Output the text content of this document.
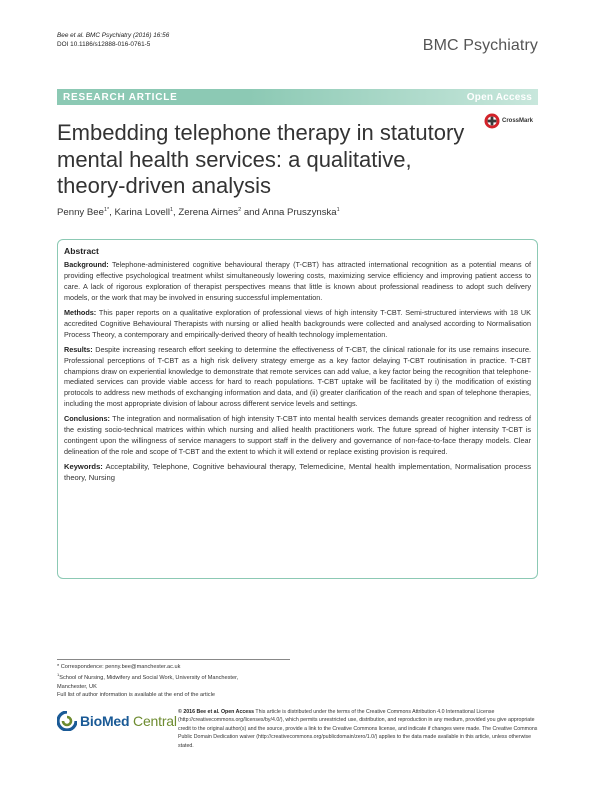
Bee et al. BMC Psychiatry (2016) 16:56
DOI 10.1186/s12888-016-0761-5	BMC Psychiatry
RESEARCH ARTICLE	Open Access
Embedding telephone therapy in statutory mental health services: a qualitative, theory-driven analysis
CrossMark
Penny Bee$^{1*}$, Karina Lovell$^1$, Zerena Airnes$^2$ and Anna Pruszynska$^1$
Abstract

Background: Telephone-administered cognitive behavioural therapy (T-CBT) has attracted international recognition as a potential means of providing effective psychological treatment whilst simultaneously lowering costs, maximizing service efficiency and improving patient access to care. A lack of rigorous exploration of therapist perspectives means that little is known about professional readiness to adopt such delivery models, or the work that may be involved in ensuring successful implementation.

Methods: This paper reports on a qualitative exploration of professional views of high intensity T-CBT. Semi-structured interviews with 18 UK accredited Cognitive Behavioural Therapists with nursing or allied health backgrounds were collected and analysed according to Normalisation Process Theory, a contemporary and empirically-derived theory of health technology implementation.

Results: Despite increasing research effort seeking to determine the effectiveness of T-CBT, the clinical rationale for its use remains insecure. Professional perceptions of T-CBT as a high risk delivery strategy emerge as a key factor delaying T-CBT routinisation in practice. T-CBT champions draw on experiential knowledge to demonstrate that remote services can add value, a key factor being the recognition that telephone-mediated services can provide viable access for hard to reach populations. T-CBT uptake will be facilitated by i) the modification of existing protocols to address new methods of exchanging information and data, and (ii) greater clarification of the reach and span of telephone therapies, including the most appropriate division of labour across different service levels and settings.

Conclusions: The integration and normalisation of high intensity T-CBT into mental health services demands greater recognition and redress of the existing socio-technical matrices within which nursing and allied health practitioners work. The future spread of higher intensity T-CBT is contingent upon the willingness of service managers to support staff in the delivery and governance of non-face-to-face therapy models. Clear delineation of the role and scope of T-CBT and the extent to which it will extend or replace existing provision is required.

Keywords: Acceptability, Telephone, Cognitive behavioural therapy, Telemedicine, Mental health implementation, Normalisation process theory, Nursing

* Correspondence: penny.bee@manchester.ac.uk
$^1$School of Nursing, Midwifery and Social Work, University of Manchester,
Manchester, UK
Full list of author information is available at the end of the article
BioMed Central
© 2016 Bee et al. Open Access This article is distributed under the terms of the Creative Commons Attribution 4.0 International License (http://creativecommons.org/licenses/by/4.0/), which permits unrestricted use, distribution, and reproduction in any medium, provided you give appropriate credit to the original author(s) and the source, provide a link to the Creative Commons license, and indicate if changes were made. The Creative Commons Public Domain Dedication waiver (http://creativecommons.org/publicdomain/zero/1.0/) applies to the data made available in this article, unless otherwise stated.
